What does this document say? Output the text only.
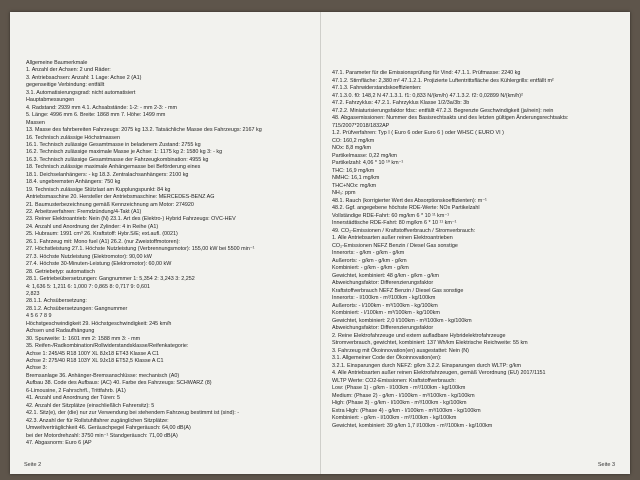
Seite 2
Allgemeine Baumerkmale
1. Anzahl der Achsen: 2 und Räder:
3. Antriebsachsen: Anzahl: 1 Lage: Achse 2 (A1)
gegenseitige Verbindung: entfällt
3.1. Automatisierungsgrad: nicht automatisiert
Hauptabmessungen
4. Radstand: 2939 mm 4.1. Achsabstände: 1-2: - mm 2-3: - mm
5. Länge: 4996 mm 6. Breite: 1868 mm 7. Höhe: 1499 mm
Massen
13. Masse des fahrbereiten Fahrzeugs: 2075 kg 13.2. Tatsächliche Masse des Fahrzeugs: 2167 kg
16. Technisch zulässige Höchstmassen
16.1. Technisch zulässige Gesamtmasse in beladenem Zustand: 2755 kg
16.2. Technisch zulässige maximale Masse je Achse: 1: 1175 kg 2: 1580 kg 3: - kg
16.3. Technisch zulässige Gesamtmasse der Fahrzeugkombination: 4955 kg
18. Technisch zulässige maximale Anhängemasse bei Beförderung eines
18.1. Deichselanhängers: - kg 18.3. Zentralachsanhängers: 2100 kg
18.4. ungebremsten Anhängers: 750 kg
19. Technisch zulässige Stützlast am Kupplungspunkt: 84 kg
Antriebsmaschine 20. Hersteller der Antriebsmaschine: MERCEDES-BENZ AG
21. Baumusterbezeichnung gemäß Kennzeichnung am Motor: 274920
22. Arbeitsverfahren: Fremdzündung/4-Takt (A1)
23. Reiner Elektroantrieb: Nein (N) 23.1. Art des (Elektro-) Hybrid Fahrzeugs: OVC-HEV
24. Anzahl und Anordnung der Zylinder: 4 in Reihe (A1)
25. Hubraum: 1991 cm³ 26. Kraftstoff: Hybr.S/E; ext.aufl. (0021)
26.1. Fahrzeug mit: Mono fuel (A1) 26.2. (nur Zweistoffmotoren):
27. Höchstleistung 27.1. Höchste Nutzleistung (Verbrennungsmotor): 155,00 kW bei 5500 min⁻¹
27.3. Höchste Nutzleistung (Elektromotor): 90,00 kW
27.4. Höchste 30-Minuten-Leistung (Elektromotor): 60,00 kW
28. Getriebetyp: automatisch
28.1. Getriebeübersetzungen: Gangnummer 1: 5,354 2: 3,243 3: 2,252
4: 1,636 5: 1,211 6: 1,000 7: 0,865 8: 0,717 9: 0,601
2,823
28.1.1. Achsübersetzung:
28.1.2. Achsübersetzungen: Gangnummer
4 5 6 7 8 9
Höchstgeschwindigkeit 29. Höchstgeschwindigkeit: 245 km/h
Achsen und Radaufhängung
30. Spurweite: 1: 1601 mm 2: 1588 mm 3: - mm
35. Reifen-/Radkombination/Rollwiderstandsklasse/Reifenkategorie:
Achse 1: 245/45 R18 100Y XL 8Jx18 ET43 Klasse A C1
Achse 2: 275/40 R18 103Y XL 9Jx18 ET52,5 Klasse A C1
Achse 3:
Bremsanlage 36. Anhänger-Bremsanschlüsse: mechanisch (A0)
Aufbau 38. Code des Aufbaus: (AC) 40. Farbe des Fahrzeugs: SCHWARZ (8)
6-Limousine, 2 Fahrschrfl., Trittfahrb. (A1)
41. Anzahl und Anordnung der Türen: 5
42. Anzahl der Sitzplätze (einschließlich Fahrersitz): 5
42.1. Sitz(e), der (die) nur zur Verwendung bei stehendem Fahrzeug bestimmt ist (sind): -
42.3. Anzahl der für Rollstuhlfahrer zugänglichen Sitzplätze:
Umweltverträglichkeit 46. Geräuschpegel Fahrgeräusch: 64,00 dB(A)
bei der Motordrehzahl: 3750 min⁻¹ Standgeräusch: 71,00 dB(A)
47. Abgasnorm: Euro 6 (AP
Seite 3
47.1. Parameter für die Emissionsprüfung für Vind: 47.1.1. Prüfmasse: 2240 kg
47.1.2. Stirnfläche: 2,380 m² 47.1.2.1. Projizierte Luftentrittsfläche des Kühlergrills: entfällt m²
47.1.3. Fahrwiderstandskoeffizienten:
47.1.3.0. f0: 148,2 N 47.1.3.1. f1: 0,833 N/(km/h) 47.1.3.2. f2: 0,02899 N/(km/h)²
47.2. Fahrzyklus: 47.2.1. Fahrzyklus Klasse 1/2/3a/3b: 3b
47.2.2. Miniaturisierungsfaktor fdsc: entfällt 47.2.3. Begrenzte Geschwindigkeit (ja/nein): nein
48. Abgasemissionen: Nummer des Basisrechtsakts und des letzten gültigen Änderungsrechtsakts:
715/2007*2018/1832AP
1.2. Prüfverfahren: Typ I ( Euro 6 oder Euro 6 ) oder WHSC ( EURO VI )
CO: 160,2 mg/km
NOx: 8,8 mg/km
Partikelmasse: 0,22 mg/km
Partikelzahl: 4,06 * 10 ¹⁰ km⁻¹
THC: 16,9 mg/km
NMHC: 16,1 mg/km
THC+NOx: mg/km
NH₃: ppm
48.1. Rauch (korrigierter Wert des Absorptionskoeffizienten): m⁻¹
48.2. Ggf. angegebene höchste RDE-Werte: NOx Partikelzahl
Vollständige RDE-Fahrt: 60 mg/km 6 * 10 ¹¹ km⁻¹
Innerstädtische RDE-Fahrt: 80 mg/km 6 * 10 ¹¹ km⁻¹
49. CO₂-Emissionen / Kraftstoffverbrauch / Stromverbrauch:
1. Alle Antriebsarten außer reinen Elektroantrieben
CO₂-Emissionen NEFZ Benzin / Diesel Gas sonstige
Innerorts: - g/km - g/km - g/km
Außerorts: - g/km - g/km - g/km
Kombiniert: - g/km - g/km - g/km
Gewichtet, kombiniert: 48 g/km - g/km - g/km
Abweichungsfaktor: Differenzierungsfaktor
Kraftstoffverbrauch NEFZ Benzin / Diesel Gas sonstige
Innerorts: - l/100km - m³/100km - kg/100km
Außerorts: - l/100km - m³/100km - kg/100km
Kombiniert: - l/100km - m³/100km - kg/100km
Gewichtet, kombiniert: 2,0 l/100km - m³/100km - kg/100km
Abweichungsfaktor: Differenzierungsfaktor
2. Reine Elektrofahrzeuge und extern aufladbare Hybridelektrofahrzeuge
Stromverbrauch, gewichtet, kombiniert: 137 Wh/km Elektrische Reichweite: 55 km
3. Fahrzeug mit Ökoinnovation(en) ausgestattet: Nein (N)
3.1. Allgemeiner Code der Ökoinnovation(en):
3.2.1. Einsparungen durch NEFZ: g/km 3.2.2. Einsparungen durch WLTP: g/km
4. Alle Antriebsarten außer reinen Elektrofahrzeugen, gemäß Verordnung (EU) 2017/1151
WLTP Werte: CO2-Emissionen: Kraftstoffverbrauch:
Low: (Phase 1) - g/km - l/100km - m³/100km - kg/100km
Medium: (Phase 2) - g/km - l/100km - m³/100km - kg/100km
High: (Phase 3) - g/km - l/100km - m³/100km - kg/100km
Extra High: (Phase 4) - g/km - l/100km - m³/100km - kg/100km
Kombiniert: - g/km - l/100km - m³/100km - kg/100km
Gewichtet, kombiniert: 39 g/km 1,7 l/100km - m³/100km - kg/100km
